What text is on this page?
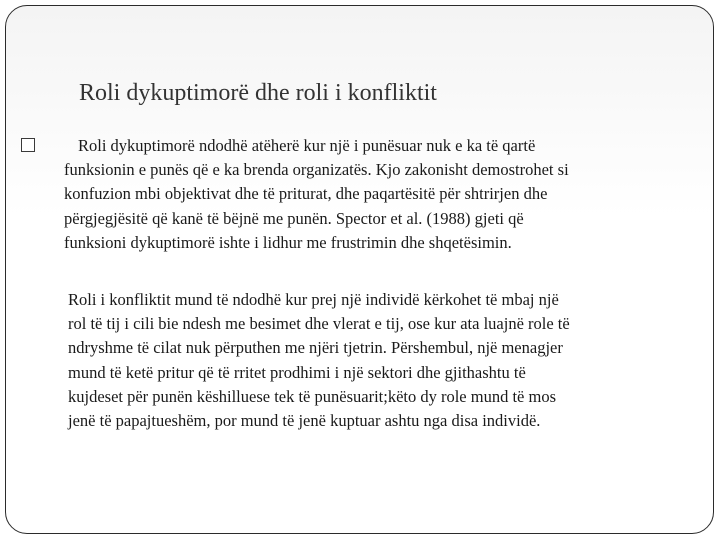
Roli dykuptimorë dhe roli i konfliktit

Roli dykuptimorë ndodhë atëherë kur një i punësuar nuk e ka të qartë
funksionin e punës që e ka brenda organizatës. Kjo zakonisht demostrohet si
konfuzion mbi objektivat dhe të priturat, dhe paqartësitë për shtrirjen dhe
përgjegjësitë që kanë të bëjnë me punën. Spector et al. (1988) gjeti që
funksioni dykuptimorë ishte i lidhur me frustrimin dhe shqetësimin.

Roli i konfliktit mund të ndodhë kur prej një individë kërkohet të mbaj një
rol të tij i cili bie ndesh me besimet dhe vlerat e tij, ose kur ata luajnë role të
ndryshme të cilat nuk përputhen me njëri tjetrin. Përshembul, një menagjer
mund të ketë pritur që të rritet prodhimi i një sektori dhe gjithashtu të
kujdeset për punën këshilluese tek të punësuarit;këto dy role mund të mos
jenë të papajtueshëm, por mund të jenë kuptuar ashtu nga disa individë.
